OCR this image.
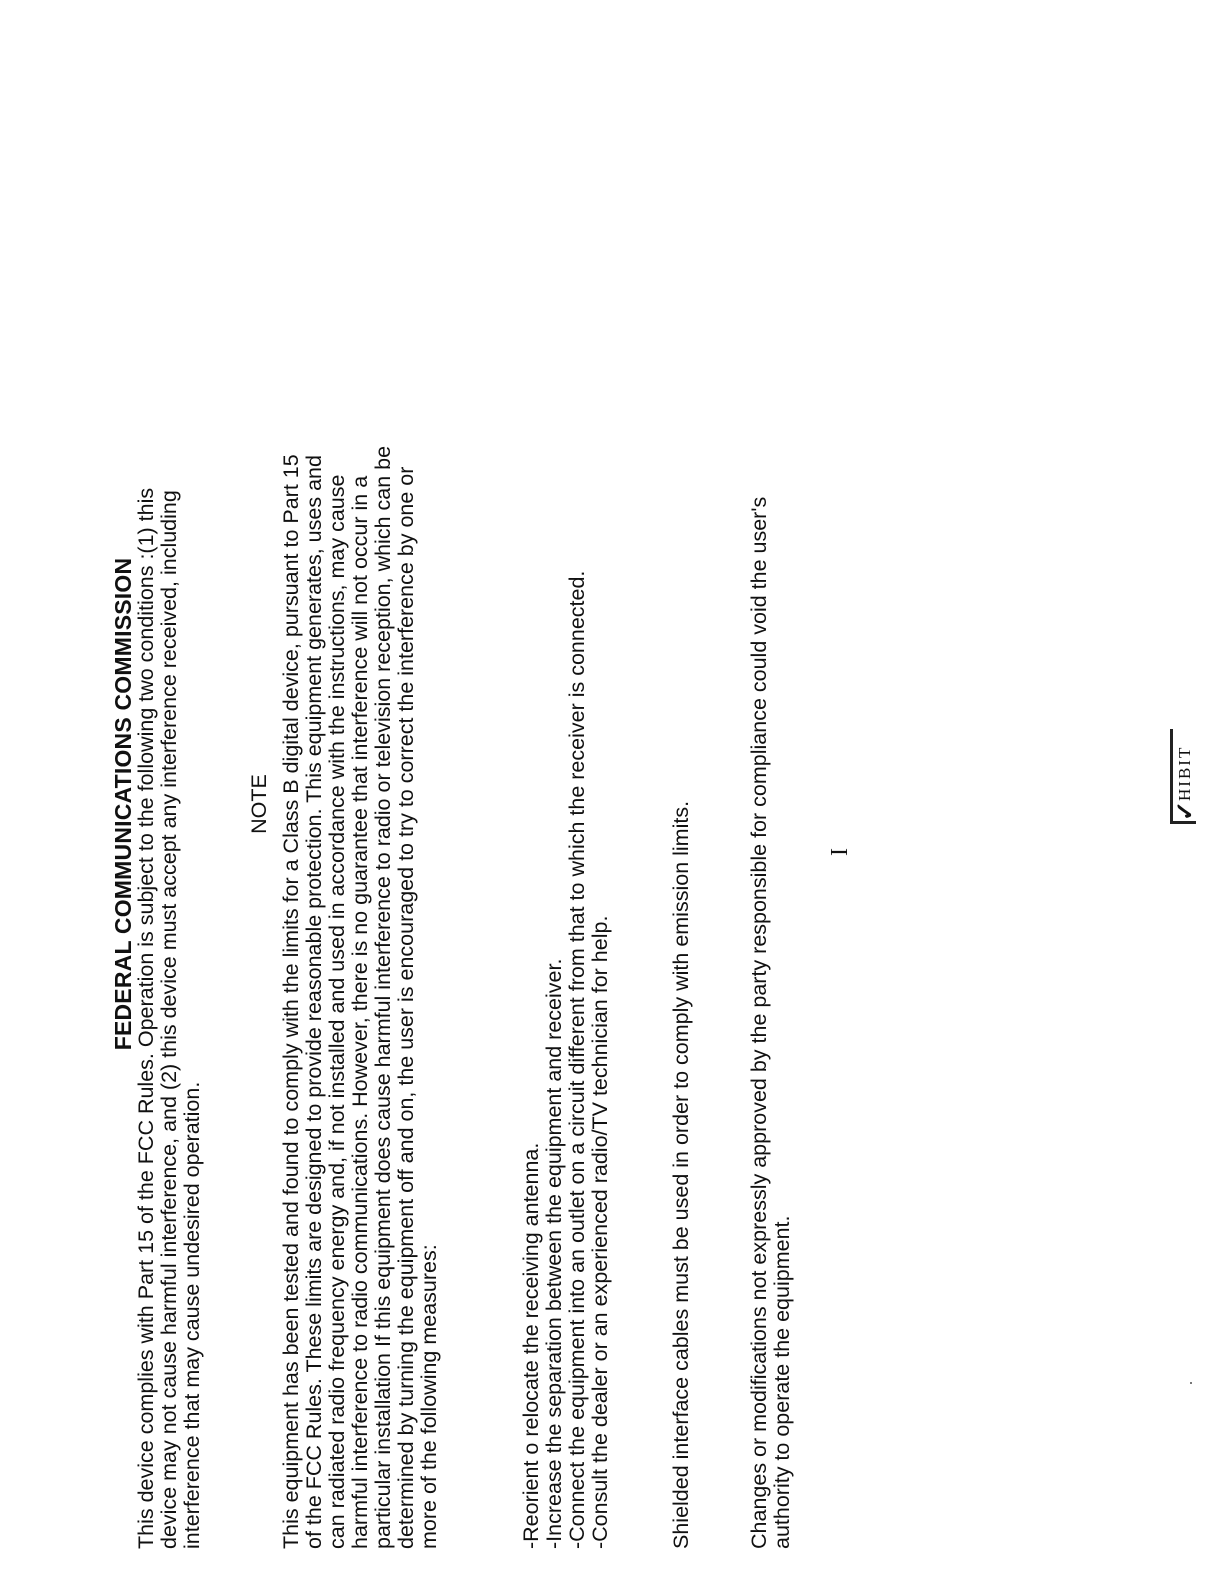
FEDERAL COMMUNICATIONS COMMISSION
This device complies with Part 15 of the FCC Rules. Operation is subject to the following two conditions :(1) this device may not cause harmful interference, and (2) this device must accept any interference received, including interference that may cause undesired operation.
NOTE This equipment has been tested and found to comply with the limits for a Class B digital device, pursuant to Part 15 of the FCC Rules. These limits are designed to provide reasonable protection. This equipment generates, uses and can radiated radio frequency energy and, if not installed and used in accordance with the instructions, may cause harmful interference to radio communications. However, there is no guarantee that interference will not occur in a particular installation If this equipment does cause harmful interference to radio or television reception, which can be determined by turning the equipment off and on, the user is encouraged to try to correct the interference by one or more of the following measures:	-Reorient o relocate the receiving antenna. -Increase the separation between the equipment and receiver. -Connect the equipment into an outlet on a circuit different from that to which the receiver is connected. -Consult the dealer or an experienced radio/TV technician for help.	Shielded interface cables must be used in order to comply with emission limits.	Changes or modifications not expressly approved by the party responsible for compliance could void the user's authority to operate the equipment.
I
✓
HIBIT
